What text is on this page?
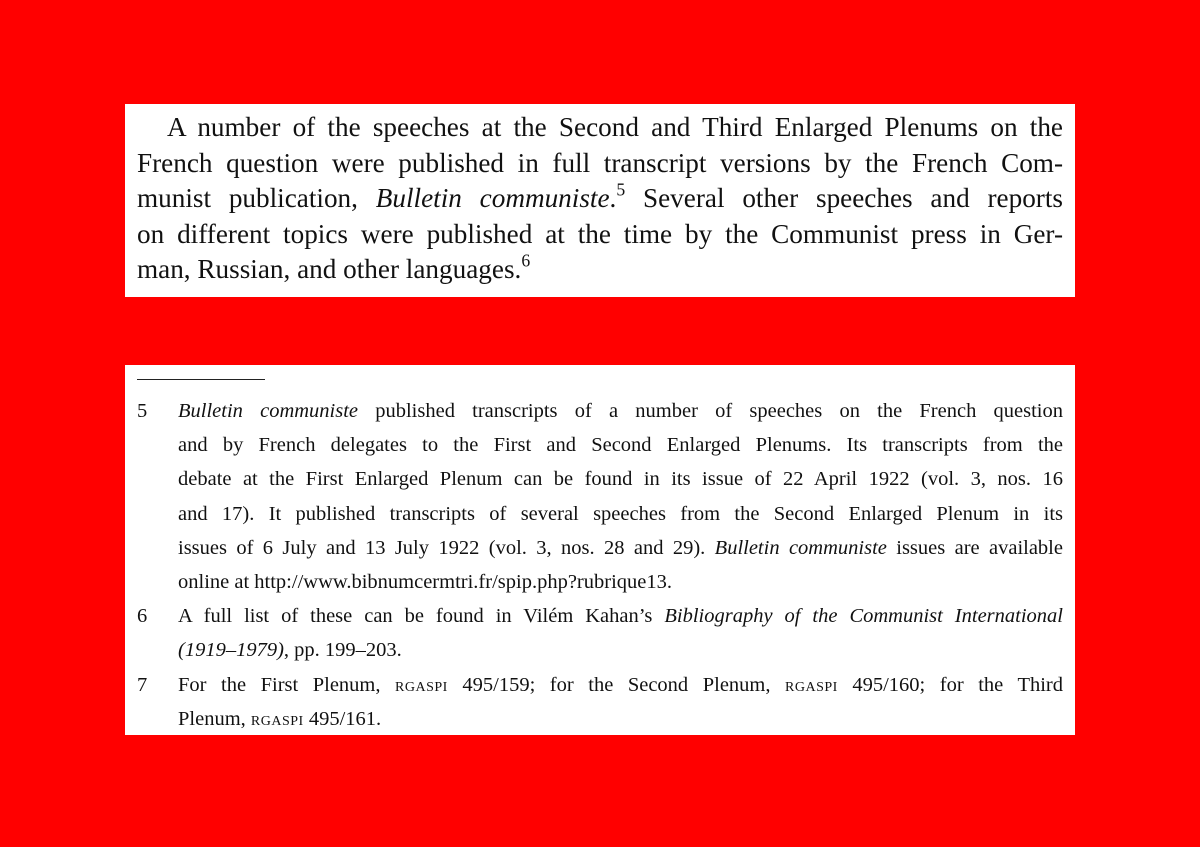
A number of the speeches at the Second and Third Enlarged Plenums on the
French question were published in full transcript versions by the French Com-
munist publication, Bulletin communiste.$^5$ Several other speeches and reports
on different topics were published at the time by the Communist press in Ger-
man, Russian, and other languages.$^6$

5	Bulletin communiste published transcripts of a number of speeches on the French question
and by French delegates to the First and Second Enlarged Plenums. Its transcripts from the
debate at the First Enlarged Plenum can be found in its issue of 22 April 1922 (vol. 3, nos. 16
and 17). It published transcripts of several speeches from the Second Enlarged Plenum in its
issues of 6 July and 13 July 1922 (vol. 3, nos. 28 and 29). Bulletin communiste issues are available
online at http://www.bibnumcermtri.fr/spip.php?rubrique13.
6	A full list of these can be found in Vilém Kahan’s Bibliography of the Communist International
(1919–1979), pp. 199–203.
7	For the First Plenum, rgaspi 495/159; for the Second Plenum, rgaspi 495/160; for the Third
Plenum, rgaspi 495/161.
